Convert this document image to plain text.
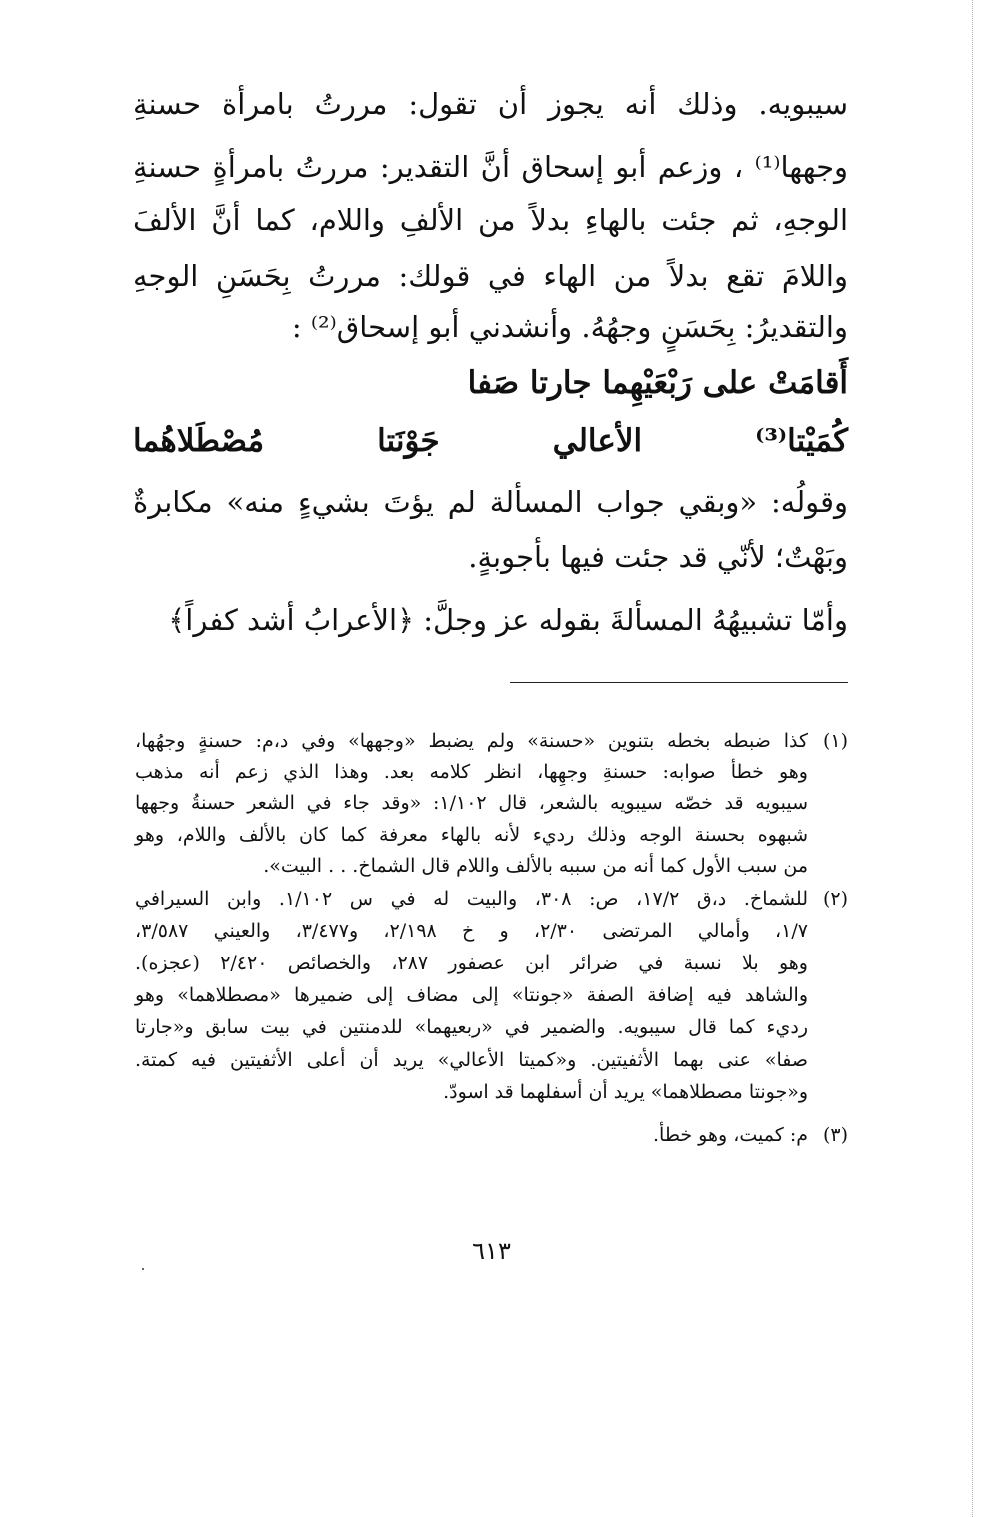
سيبويه. وذلك أنه يجوز أن تقول: مررتُ بامرأة حسنةِ
وجهها⁽¹⁾ ، وزعم أبو إسحاق أنَّ التقدير: مررتُ بامرأةٍ حسنةِ
الوجهِ، ثم جئت بالهاءِ بدلاً من الألفِ واللام، كما أنَّ الألفَ
واللامَ تقع بدلاً من الهاء في قولك: مررتُ بِحَسَنِ الوجهِ
والتقديرُ: بِحَسَنٍ وجهُهُ. وأنشدني أبو إسحاق⁽²⁾ :
أَقامَتْ على رَبْعَيْهِما جارتا صَفا
كُمَيْتا⁽³⁾ الأعالي جَوْنَتا مُصْطَلاهُما
وقولُه: «وبقي جواب المسألة لم يؤتَ بشيءٍ منه» مكابرةٌ
وبَهْتٌ؛ لأنّي قد جئت فيها بأجوبةٍ.
وأمّا تشبيهُهُ المسألةَ بقوله عز وجلَّ: ﴿الأعرابُ أشد كفراً﴾
(١)
كذا ضبطه بخطه بتنوين «حسنة» ولم يضبط «وجهها» وفي د،م: حسنةٍ وجهُها،
وهو خطأ صوابه: حسنةِ وجهِها، انظر كلامه بعد. وهذا الذي زعم أنه مذهب
سيبويه قد خصّه سيبويه بالشعر، قال ١/١٠٢: «وقد جاء في الشعر حسنةُ وجهها
شبهوه بحسنة الوجه وذلك رديء لأنه بالهاء معرفة كما كان بالألف واللام، وهو
من سبب الأول كما أنه من سببه بالألف واللام قال الشماخ. . . البيت».
(٢)
للشماخ. د،ق ١٧/٢، ص: ٣٠٨، والبيت له في س ١/١٠٢. وابن السيرافي
١/٧، وأمالي المرتضى ٢/٣٠، و خ ٢/١٩٨، و٣/٤٧٧، والعيني ٣/٥٨٧،
وهو بلا نسبة في ضرائر ابن عصفور ٢٨٧، والخصائص ٢/٤٢٠ (عجزه).
والشاهد فيه إضافة الصفة «جونتا» إلى مضاف إلى ضميرها «مصطلاهما» وهو
رديء كما قال سيبويه. والضمير في «ربعيهما» للدمنتين في بيت سابق و«جارتا
صفا» عنى بهما الأثفيتين. و«كميتا الأعالي» يريد أن أعلى الأثفيتين فيه كمتة.
و«جونتا مصطلاهما» يريد أن أسفلهما قد اسودّ.
(٣)
م: كميت، وهو خطأ.
٦١٣
